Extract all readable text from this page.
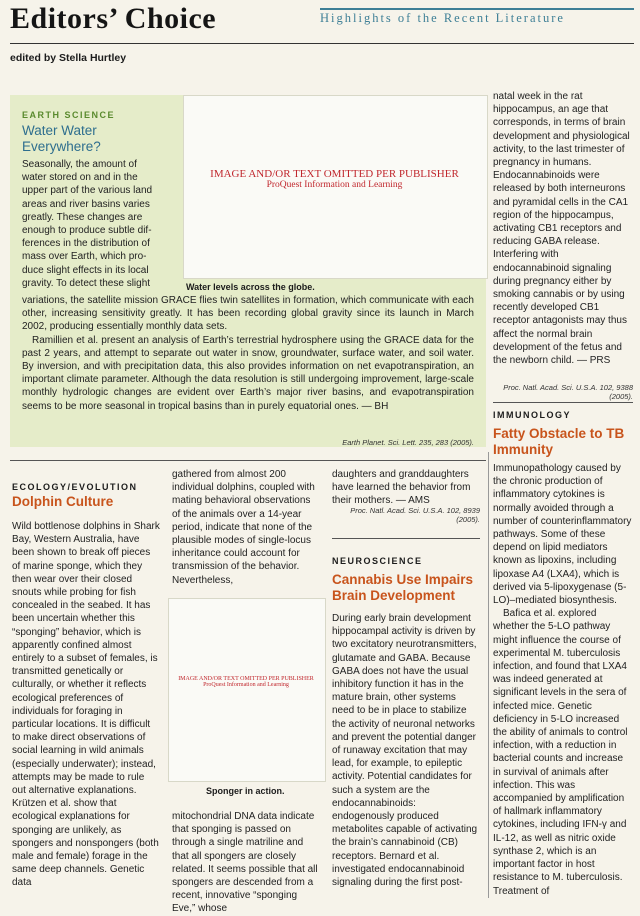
Editors’ Choice	Highlights of the Recent Literature
edited by Stella Hurtley
EARTH SCIENCE
Water Water
Everywhere?
Seasonally, the amount of
water stored on and in the
upper part of the various land
areas and river basins varies
greatly. These changes are
enough to produce subtle dif-
ferences in the distribution of
mass over Earth, which pro-
duce slight effects in its local
gravity. To detect these slight
IMAGE AND/OR TEXT OMITTED PER PUBLISHER
ProQuest Information and Learning
Water levels across the globe.

variations, the satellite mission GRACE flies twin satellites in formation, which communicate with each other, increasing sensitivity greatly. It has been recording global gravity since its launch in March 2002, producing essentially monthly data sets.

Ramillien et al. present an analysis of Earth’s terrestrial hydrosphere using the GRACE data for the past 2 years, and attempt to separate out water in snow, groundwater, surface water, and soil water. By inversion, and with precipitation data, this also provides information on net evapotranspiration, an important climate parameter. Although the data resolution is still undergoing improvement, large-scale monthly hydrologic changes are evident over Earth’s major river basins, and evapotranspiration seems to be more seasonal in tropical basins than in purely equatorial ones. — BH

Earth Planet. Sci. Lett. 235, 283 (2005).
natal week in the rat hippocampus, an age that corresponds, in terms of brain development and physiological activity, to the last trimester of pregnancy in humans. Endocannabinoids were released by both interneurons and pyramidal cells in the CA1 region of the hippocampus, activating CB1 receptors and reducing GABA release. Interfering with endocannabinoid signaling during pregnancy either by smoking cannabis or by using recently developed CB1 receptor antagonists may thus affect the normal brain development of the fetus and the newborn child. — PRS
Proc. Natl. Acad. Sci. U.S.A. 102, 9388 (2005).
IMMUNOLOGY
Fatty Obstacle to TB Immunity

Immunopathology caused by the chronic production of inflammatory cytokines is normally avoided through a number of counterinflammatory pathways. Some of these depend on lipid mediators known as lipoxins, including lipoxase A4 (LXA4), which is derived via 5-lipoxygenase (5-LO)–mediated biosynthesis.

Bafica et al. explored whether the 5-LO pathway might influence the course of experimental M. tuberculosis infection, and found that LXA4 was indeed generated at significant levels in the sera of infected mice. Genetic deficiency in 5-LO increased the ability of animals to control infection, with a reduction in bacterial counts and increase in survival of animals after infection. This was accompanied by amplification of hallmark inflammatory cytokines, including IFN-γ and IL-12, as well as nitric oxide synthase 2, which is an important factor in host resistance to M. tuberculosis. Treatment of

ECOLOGY/EVOLUTION
Dolphin Culture
Wild bottlenose dolphins in Shark Bay, Western Australia, have been shown to break off pieces of marine sponge, which they then wear over their closed snouts while probing for fish concealed in the seabed. It has been uncertain whether this “sponging” behavior, which is apparently confined almost entirely to a subset of females, is transmitted genetically or culturally, or whether it reflects ecological preferences of individuals for foraging in particular locations. It is difficult to make direct observations of social learning in wild animals (especially underwater); instead, attempts may be made to rule out alternative explanations. Krützen et al. show that ecological explanations for sponging are unlikely, as spongers and nonspongers (both male and female) forage in the same deep channels. Genetic data
gathered from almost 200 individual dolphins, coupled with mating behavioral observations of the animals over a 14-year period, indicate that none of the plausible modes of single-locus inheritance could account for transmission of the behavior. Nevertheless,
IMAGE AND/OR TEXT OMITTED PER PUBLISHER
ProQuest Information and Learning
Sponger in action.
mitochondrial DNA data indicate that sponging is passed on through a single matriline and that all spongers are closely related. It seems possible that all spongers are descended from a recent, innovative “sponging Eve,” whose
daughters and granddaughters have learned the behavior from their mothers. — AMS
Proc. Natl. Acad. Sci. U.S.A. 102, 8939 (2005).
NEUROSCIENCE
Cannabis Use Impairs
Brain Development
During early brain development hippocampal activity is driven by two excitatory neurotransmitters, glutamate and GABA. Because GABA does not have the usual inhibitory function it has in the mature brain, other systems need to be in place to stabilize the activity of neuronal networks and prevent the potential danger of runaway excitation that may lead, for example, to epileptic activity. Potential candidates for such a system are the endocannabinoids: endogenously produced metabolites capable of activating the brain’s cannabinoid (CB) receptors. Bernard et al. investigated endocannabinoid signaling during the first post-
